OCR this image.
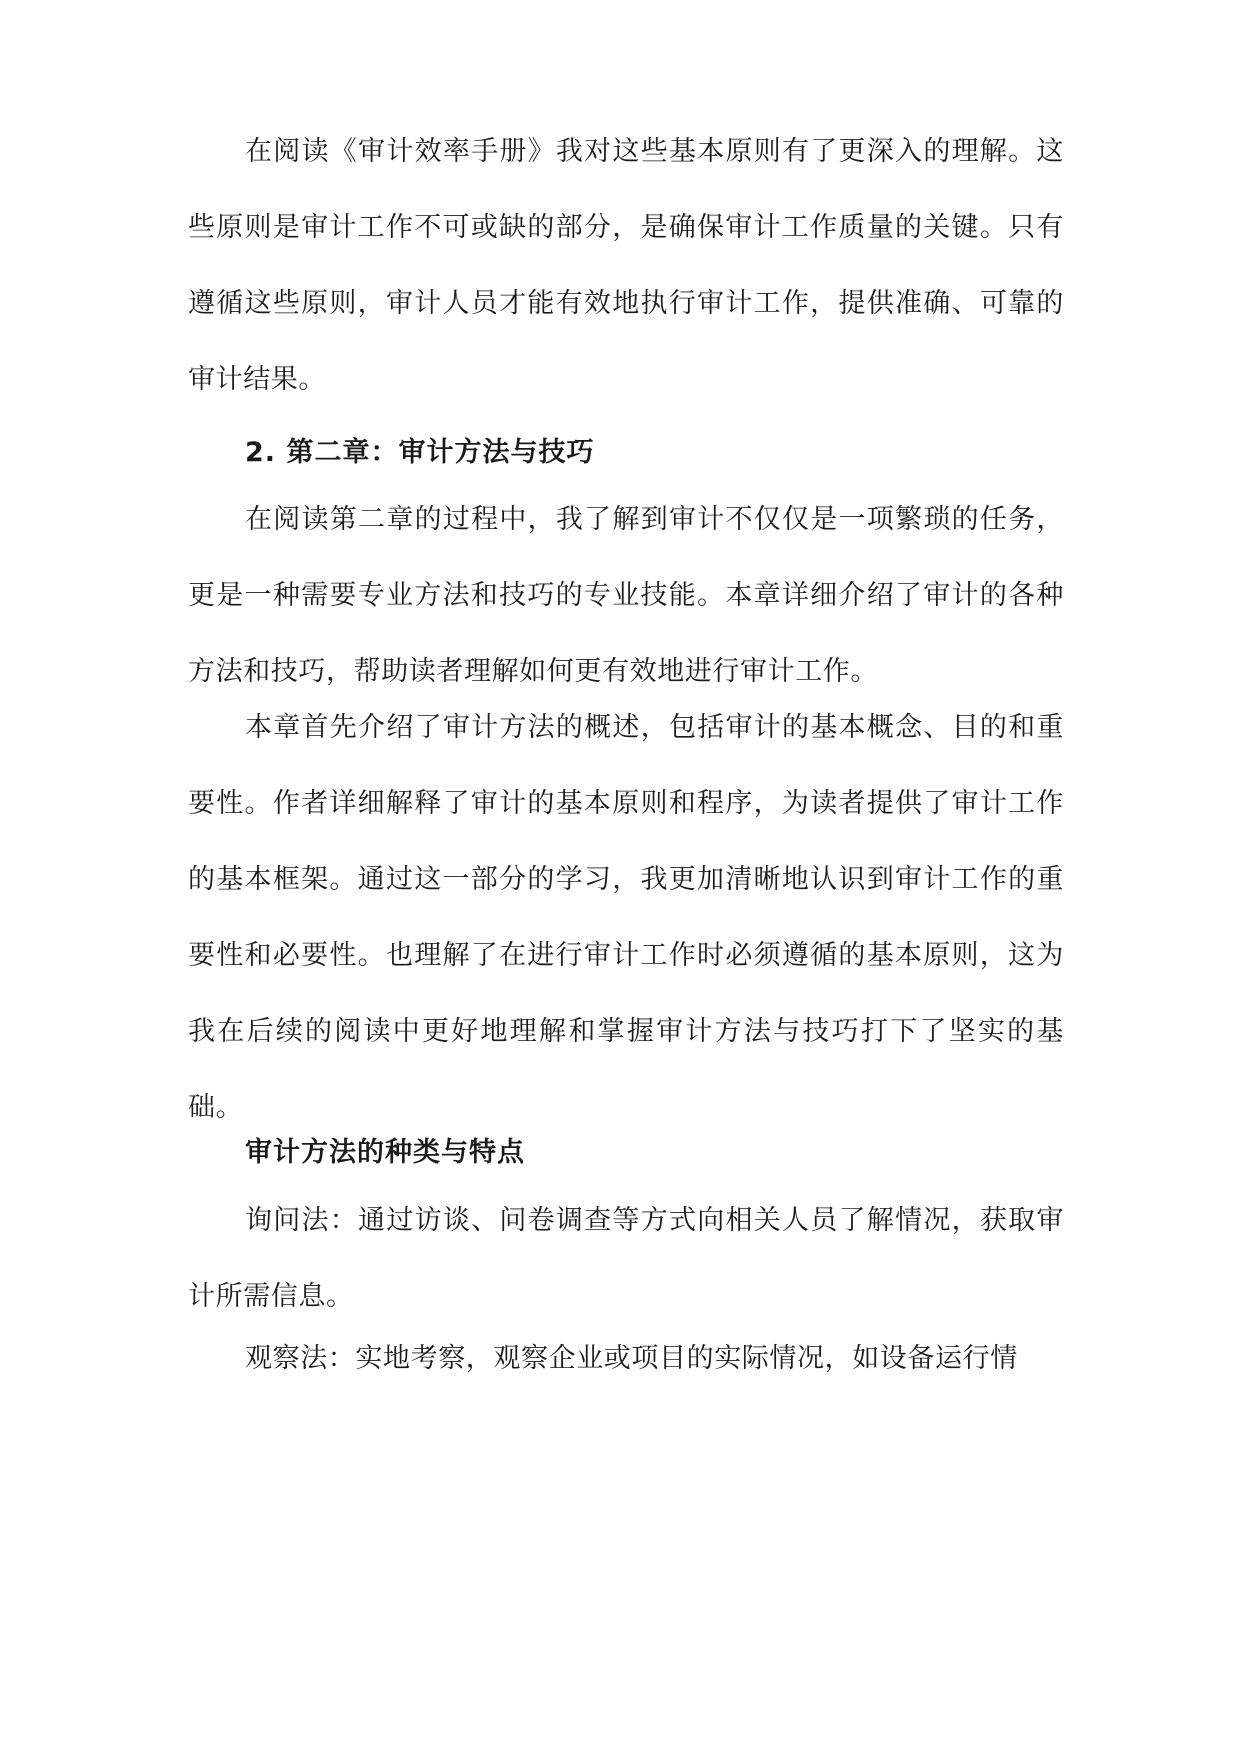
在阅读《审计效率手册》我对这些基本原则有了更深入的理解。这些原则是审计工作不可或缺的部分，是确保审计工作质量的关键。只有遵循这些原则，审计人员才能有效地执行审计工作，提供准确、可靠的审计结果。

2. 第二章：审计方法与技巧

在阅读第二章的过程中，我了解到审计不仅仅是一项繁琐的任务，更是一种需要专业方法和技巧的专业技能。本章详细介绍了审计的各种方法和技巧，帮助读者理解如何更有效地进行审计工作。

本章首先介绍了审计方法的概述，包括审计的基本概念、目的和重要性。作者详细解释了审计的基本原则和程序，为读者提供了审计工作的基本框架。通过这一部分的学习，我更加清晰地认识到审计工作的重要性和必要性。也理解了在进行审计工作时必须遵循的基本原则，这为我在后续的阅读中更好地理解和掌握审计方法与技巧打下了坚实的基础。

审计方法的种类与特点

询问法：通过访谈、问卷调查等方式向相关人员了解情况，获取审计所需信息。

观察法：实地考察，观察企业或项目的实际情况，如设备运行情
